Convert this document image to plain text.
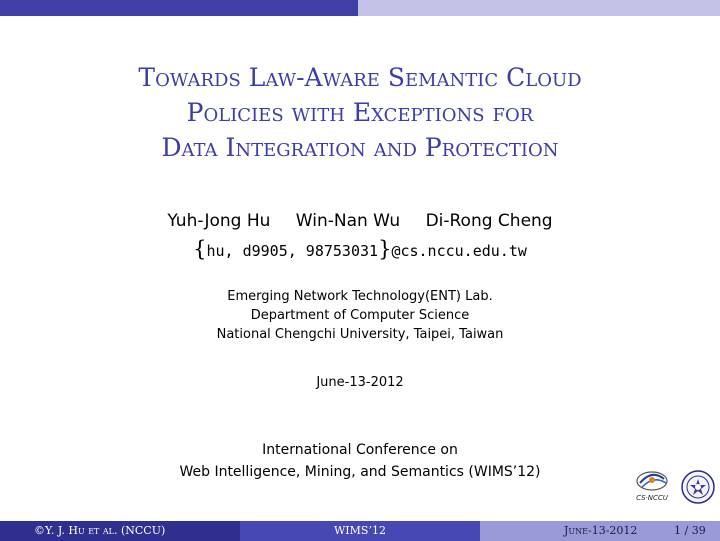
Towards Law-Aware Semantic Cloud
Policies with Exceptions for
Data Integration and Protection
Yuh-Jong Hu Win-Nan Wu Di-Rong Cheng
{hu, d9905, 98753031}@cs.nccu.edu.tw
Emerging Network Technology(ENT) Lab.
Department of Computer Science
National Chengchi University, Taipei, Taiwan
June-13-2012
International Conference on
Web Intelligence, Mining, and Semantics (WIMS’12)
CS·NCCU
©Y. J. Hu et al. (NCCU)	WIMS’12	June-13-2012	1 / 39
